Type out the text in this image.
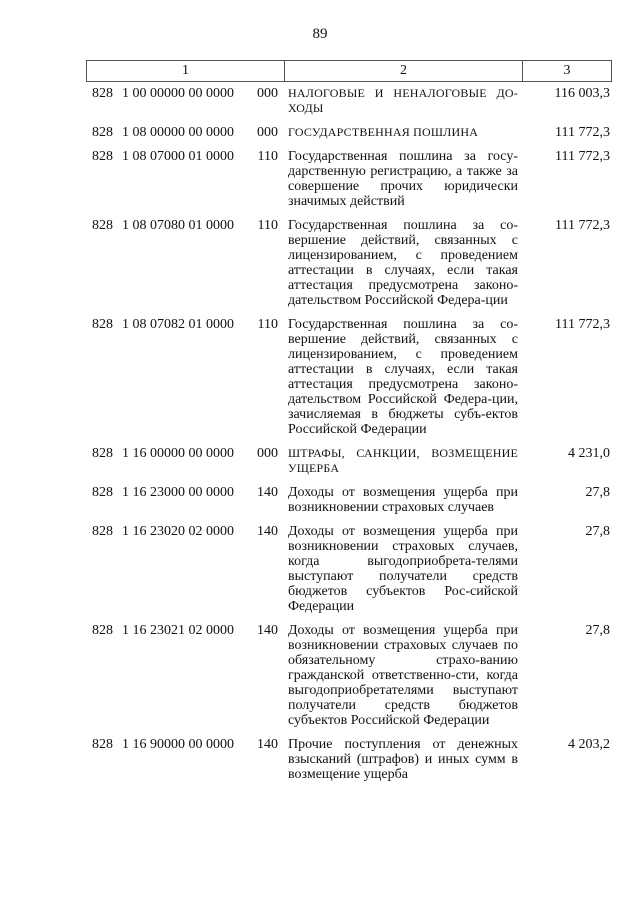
89
1	2	3
828 1 00 00000 00 0000	000 НАЛОГОВЫЕ И НЕНАЛОГОВЫЕ ДО-ХОДЫ
116 003,3
828 1 08 00000 00 0000	000 ГОСУДАРСТВЕННАЯ ПОШЛИНА	111 772,3
828 1 08 07000 01 0000	110 Государственная пошлина за госу-дарственную регистрацию, а также за совершение прочих юридически значимых действий
111 772,3
828 1 08 07080 01 0000	110 Государственная пошлина за со-вершение действий, связанных с лицензированием, с проведением аттестации в случаях, если такая аттестация предусмотрена законо-дательством Российской Федера-ции
111 772,3
828 1 08 07082 01 0000	110 Государственная пошлина за со-вершение действий, связанных с лицензированием, с проведением аттестации в случаях, если такая аттестация предусмотрена законо-дательством Российской Федера-ции, зачисляемая в бюджеты субъ-ектов Российской Федерации
111 772,3
828 1 16 00000 00 0000	000 ШТРАФЫ, САНКЦИИ, ВОЗМЕЩЕНИЕ УЩЕРБА
4 231,0
828 1 16 23000 00 0000	140 Доходы от возмещения ущерба при возникновении страховых случаев
27,8
828 1 16 23020 02 0000	140 Доходы от возмещения ущерба при возникновении страховых случаев, когда выгодоприобрета-телями выступают получатели средств бюджетов субъектов Рос-сийской Федерации
27,8
828 1 16 23021 02 0000	140 Доходы от возмещения ущерба при возникновении страховых случаев по обязательному страхо-ванию гражданской ответственно-сти, когда выгодоприобретателями выступают получатели средств бюджетов субъектов Российской Федерации
27,8
828 1 16 90000 00 0000	140 Прочие поступления от денежных взысканий (штрафов) и иных сумм в возмещение ущерба
4 203,2
